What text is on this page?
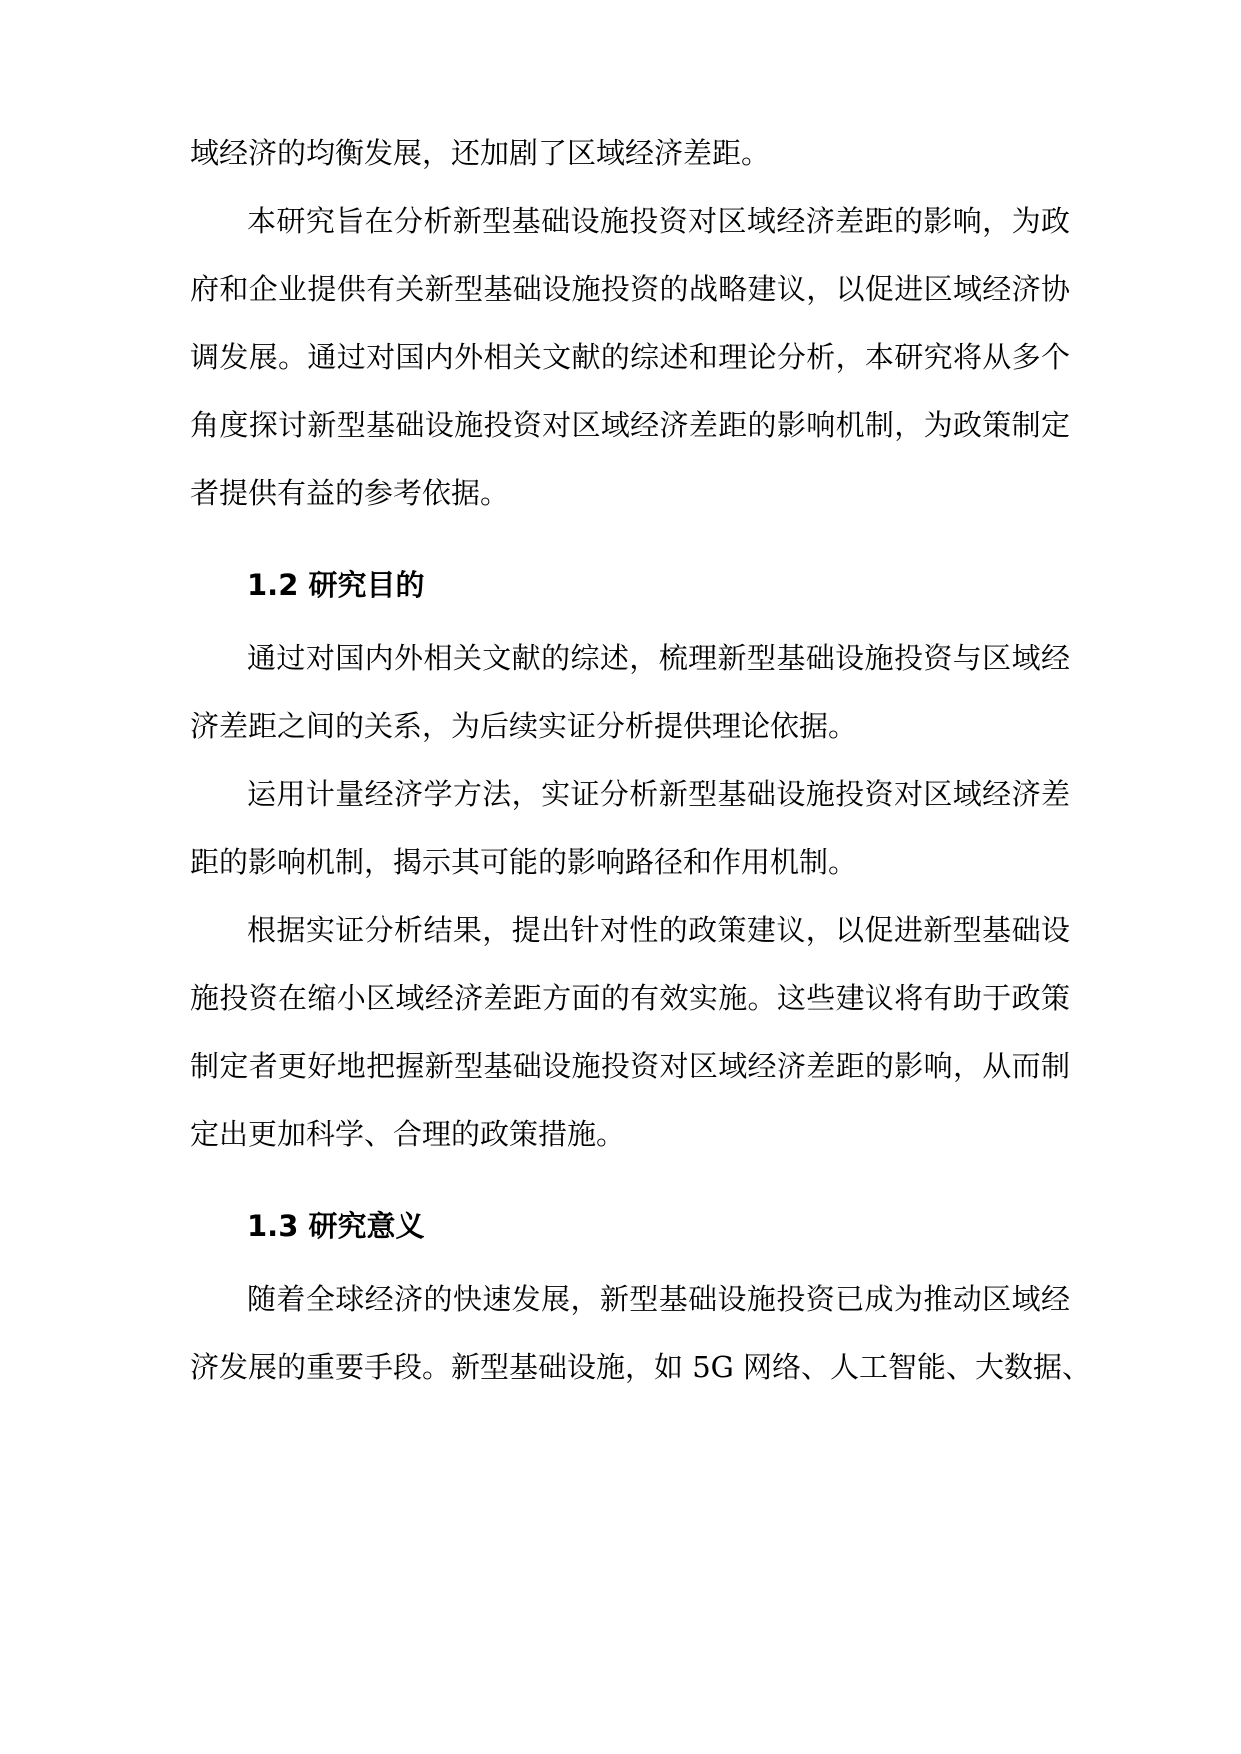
域经济的均衡发展，还加剧了区域经济差距。
本研究旨在分析新型基础设施投资对区域经济差距的影响，为政
府和企业提供有关新型基础设施投资的战略建议，以促进区域经济协
调发展。通过对国内外相关文献的综述和理论分析，本研究将从多个
角度探讨新型基础设施投资对区域经济差距的影响机制，为政策制定
者提供有益的参考依据。
1.2 研究目的
通过对国内外相关文献的综述，梳理新型基础设施投资与区域经
济差距之间的关系，为后续实证分析提供理论依据。
运用计量经济学方法，实证分析新型基础设施投资对区域经济差
距的影响机制，揭示其可能的影响路径和作用机制。
根据实证分析结果，提出针对性的政策建议，以促进新型基础设
施投资在缩小区域经济差距方面的有效实施。这些建议将有助于政策
制定者更好地把握新型基础设施投资对区域经济差距的影响，从而制
定出更加科学、合理的政策措施。
1.3 研究意义
随着全球经济的快速发展，新型基础设施投资已成为推动区域经
济发展的重要手段。新型基础设施，如 5G 网络、人工智能、大数据、
